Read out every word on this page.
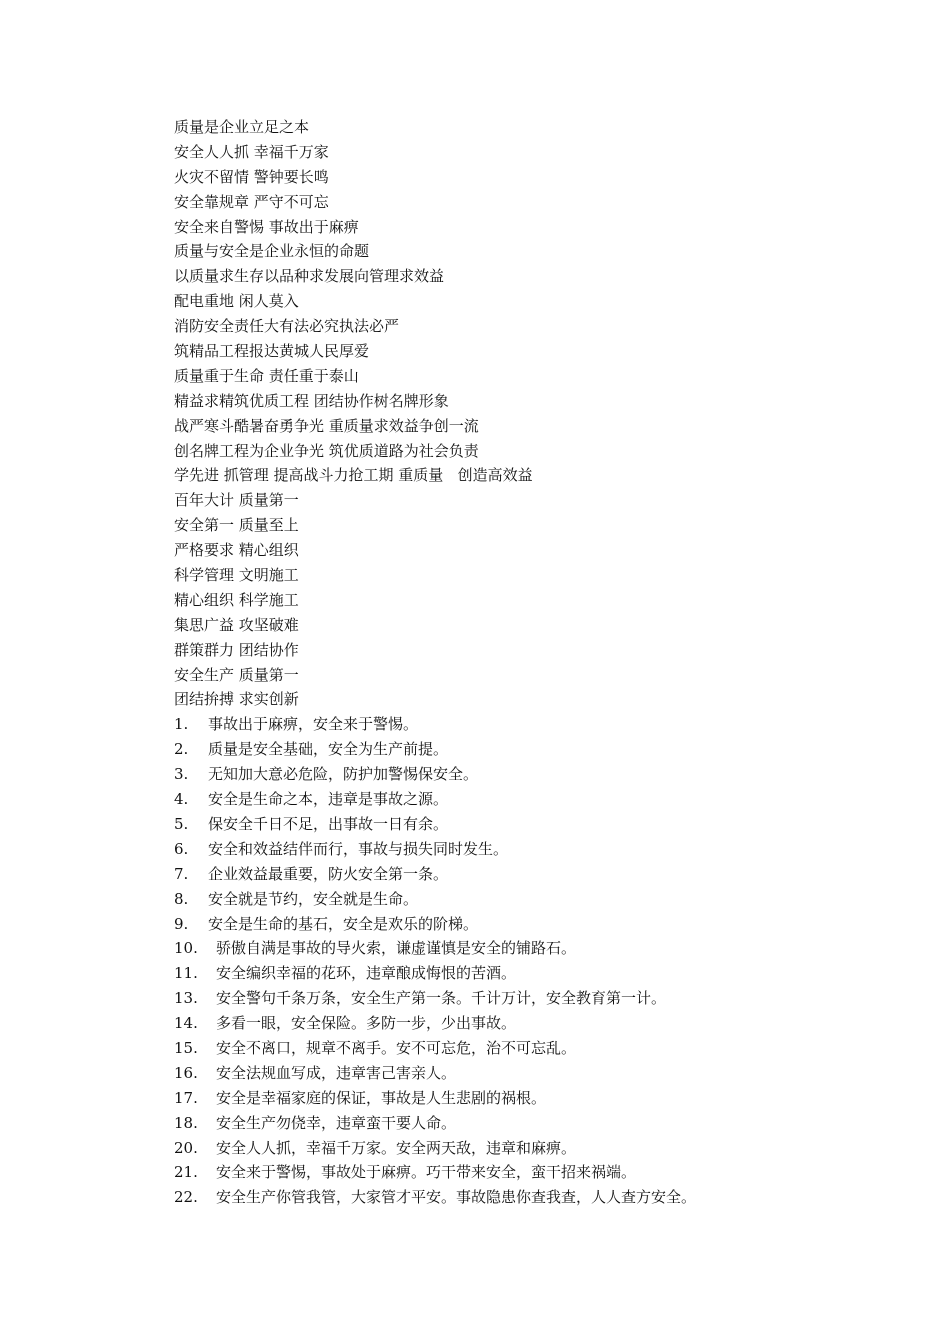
质量是企业立足之本
安全人人抓 幸福千万家
火灾不留情 警钟要长鸣
安全靠规章 严守不可忘
安全来自警惕 事故出于麻痹
质量与安全是企业永恒的命题
以质量求生存以品种求发展向管理求效益
配电重地 闲人莫入
消防安全责任大有法必究执法必严
筑精品工程报达黄城人民厚爱
质量重于生命 责任重于泰山
精益求精筑优质工程 团结协作树名牌形象
战严寒斗酷暑奋勇争光 重质量求效益争创一流
创名牌工程为企业争光 筑优质道路为社会负责
学先进 抓管理 提高战斗力抢工期 重质量   创造高效益
百年大计 质量第一
安全第一 质量至上
严格要求 精心组织
科学管理 文明施工
精心组织 科学施工
集思广益 攻坚破难
群策群力 团结协作
安全生产 质量第一
团结拚搏 求实创新
1. 事故出于麻痹，安全来于警惕。
2. 质量是安全基础，安全为生产前提。
3. 无知加大意必危险，防护加警惕保安全。
4. 安全是生命之本，违章是事故之源。
5. 保安全千日不足，出事故一日有余。
6. 安全和效益结伴而行，事故与损失同时发生。
7. 企业效益最重要，防火安全第一条。
8. 安全就是节约，安全就是生命。
9. 安全是生命的基石，安全是欢乐的阶梯。
10. 骄傲自满是事故的导火索，谦虚谨慎是安全的铺路石。
11. 安全编织幸福的花环，违章酿成悔恨的苦酒。
13. 安全警句千条万条，安全生产第一条。千计万计，安全教育第一计。
14. 多看一眼，安全保险。多防一步，少出事故。
15. 安全不离口，规章不离手。安不可忘危，治不可忘乱。
16. 安全法规血写成，违章害己害亲人。
17. 安全是幸福家庭的保证，事故是人生悲剧的祸根。
18. 安全生产勿侥幸，违章蛮干要人命。
20. 安全人人抓，幸福千万家。安全两天敌，违章和麻痹。
21. 安全来于警惕，事故处于麻痹。巧干带来安全，蛮干招来祸端。
22. 安全生产你管我管，大家管才平安。事故隐患你查我查，人人查方安全。
